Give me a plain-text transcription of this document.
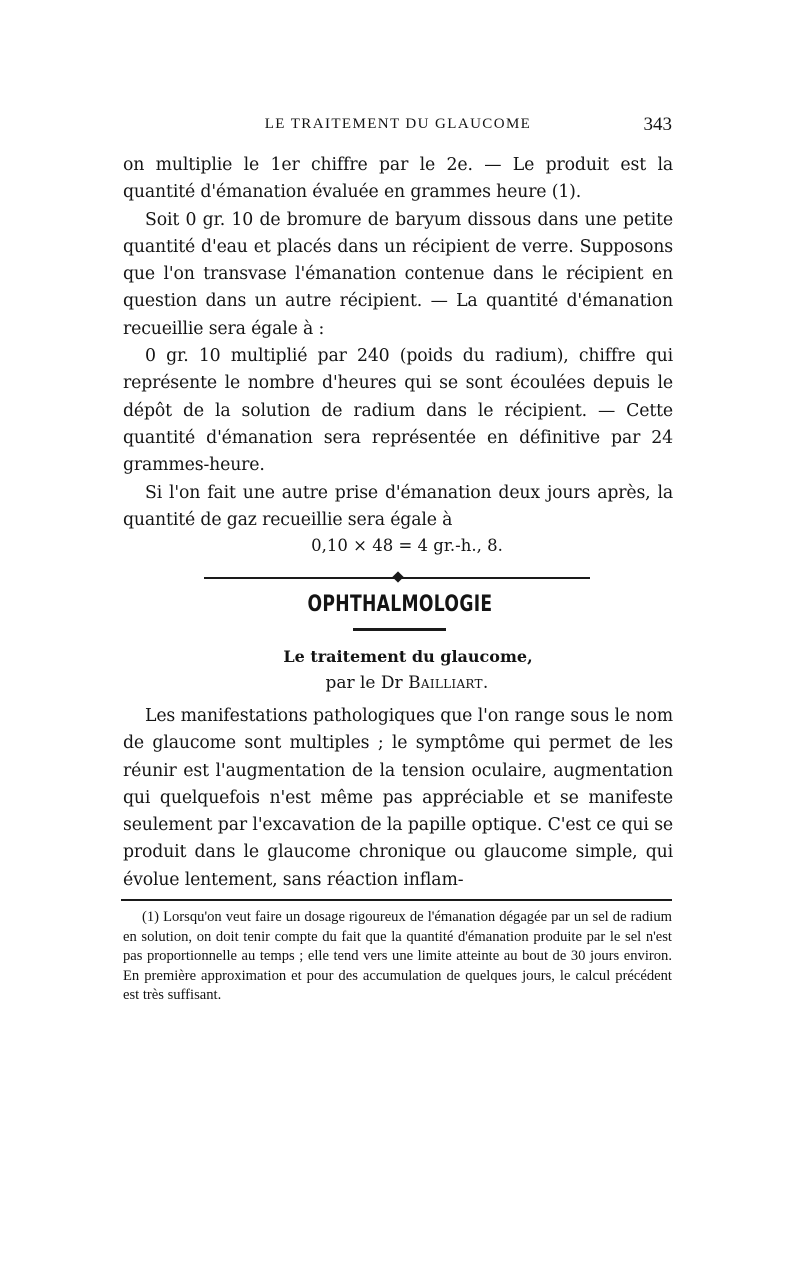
LE TRAITEMENT DU GLAUCOME	343

on multiplie le 1er chiffre par le 2e. — Le produit est la quantité d'émanation évaluée en grammes heure (1).

Soit 0 gr. 10 de bromure de baryum dissous dans une petite quantité d'eau et placés dans un récipient de verre. Supposons que l'on transvase l'émanation contenue dans le récipient en question dans un autre récipient. — La quantité d'émanation recueillie sera égale à :

0 gr. 10 multiplié par 240 (poids du radium), chiffre qui représente le nombre d'heures qui se sont écoulées depuis le dépôt de la solution de radium dans le récipient. — Cette quantité d'émanation sera représentée en définitive par 24 grammes-heure.

Si l'on fait une autre prise d'émanation deux jours après, la quantité de gaz recueillie sera égale à

0,10 × 48 = 4 gr.-h., 8.
OPHTHALMOLOGIE
Le traitement du glaucome,
par le Dr Bailliart.

Les manifestations pathologiques que l'on range sous le nom de glaucome sont multiples ; le symptôme qui permet de les réunir est l'augmentation de la tension oculaire, augmentation qui quelquefois n'est même pas appréciable et se manifeste seulement par l'excavation de la papille optique. C'est ce qui se produit dans le glaucome chronique ou glaucome simple, qui évolue lentement, sans réaction inflam-

(1) Lorsqu'on veut faire un dosage rigoureux de l'émanation dégagée par un sel de radium en solution, on doit tenir compte du fait que la quantité d'émanation produite par le sel n'est pas proportionnelle au temps ; elle tend vers une limite atteinte au bout de 30 jours environ. En première approximation et pour des accumulation de quelques jours, le calcul précédent est très suffisant.
